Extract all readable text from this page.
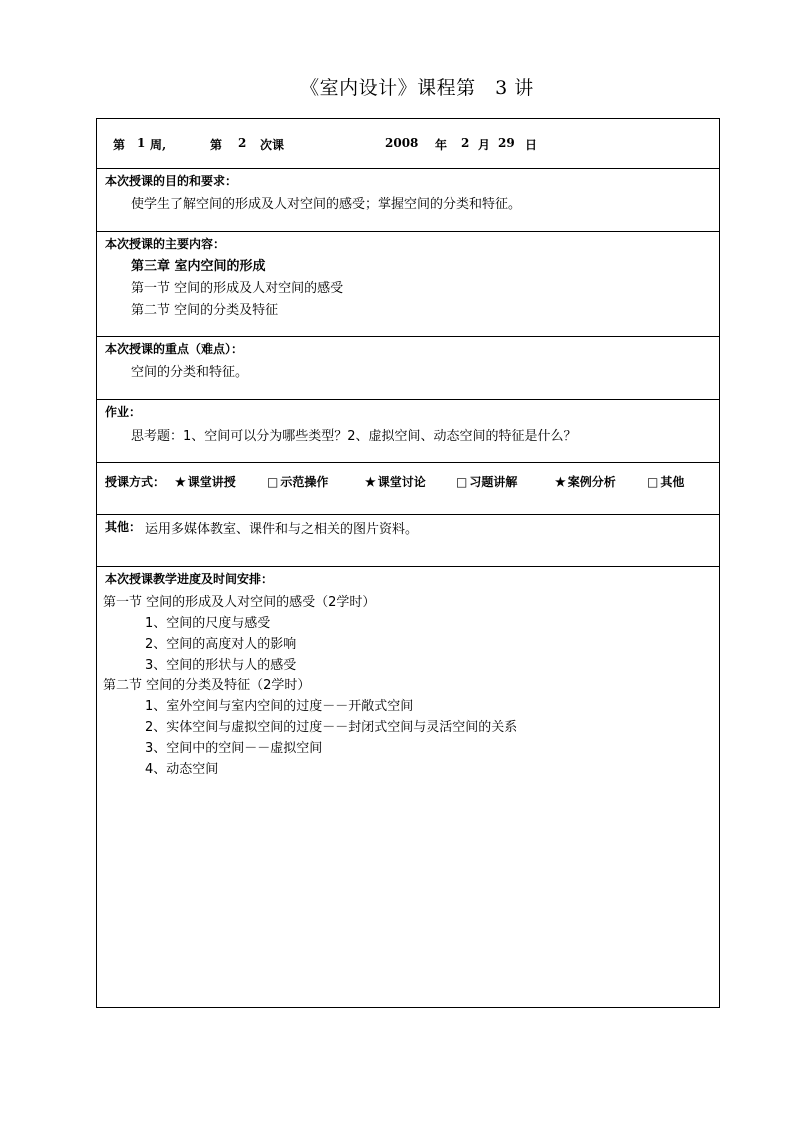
《室内设计》课程第　3 讲
第 1 周,	第 2 次课	2008 年 2 月 29 日
本次授课的目的和要求：
使学生了解空间的形成及人对空间的感受；掌握空间的分类和特征。
本次授课的主要内容：
第三章 室内空间的形成
第一节 空间的形成及人对空间的感受
第二节 空间的分类及特征
本次授课的重点（难点）：
空间的分类和特征。
作业：
思考题：1、空间可以分为哪些类型？2、虚拟空间、动态空间的特征是什么？
授课方式： ★ 课堂讲授	□ 示范操作	★ 课堂讨论	□ 习题讲解	★ 案例分析	□ 其他
其他： 运用多媒体教室、课件和与之相关的图片资料。
本次授课教学进度及时间安排：
第一节 空间的形成及人对空间的感受（2学时）
1、空间的尺度与感受
2、空间的高度对人的影响
3、空间的形状与人的感受
第二节 空间的分类及特征（2学时）
1、室外空间与室内空间的过度－－开敞式空间
2、实体空间与虚拟空间的过度－－封闭式空间与灵活空间的关系
3、空间中的空间－－虚拟空间
4、动态空间
